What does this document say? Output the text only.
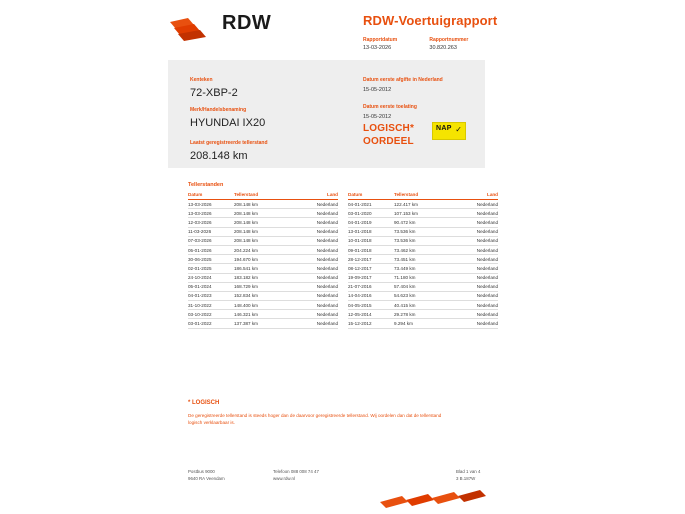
RDW	RDW-Voertuigrapport
Rapportdatum
13-03-2026

Rapportnummer
30.820.263
Kenteken
72-XBP-2
Merk/Handelsbenaming
HYUNDAI IX20
Laatst geregistreerde tellerstand
208.148 km
Datum eerste afgifte in Nederland
15-05-2012
Datum eerste toelating
15-05-2012
LOGISCH*
OORDEEL
NAP ✓
Tellerstanden
Datum	Tellerstand	Land
13-03-2026	208.148 km	Nederland
13-03-2026	208.148 km	Nederland
12-03-2026	208.148 km	Nederland
11-03-2026	208.148 km	Nederland
07-03-2026	208.148 km	Nederland
05-01-2026	204.224 km	Nederland
30-06-2025	194.670 km	Nederland
02-01-2025	186.541 km	Nederland
24-10-2024	183.182 km	Nederland
05-01-2024	168.729 km	Nederland
04-01-2023	152.834 km	Nederland
31-10-2022	148.400 km	Nederland
03-10-2022	146.321 km	Nederland
03-01-2022	137.387 km	Nederland
Datum	Tellerstand	Land
04-01-2021	122.417 km	Nederland
03-01-2020	107.153 km	Nederland
04-01-2019	90.472 km	Nederland
13-01-2018	73.536 km	Nederland
10-01-2018	73.536 km	Nederland
09-01-2018	73.462 km	Nederland
28-12-2017	73.451 km	Nederland
08-12-2017	73.449 km	Nederland
19-09-2017	71.180 km	Nederland
21-07-2016	57.404 km	Nederland
14-04-2016	54.623 km	Nederland
04-05-2015	40.415 km	Nederland
12-05-2014	29.278 km	Nederland
15-12-2012	9.294 km	Nederland
* LOGISCH
De geregistreerde tellerstand is steeds hoger dan de daarvoor geregistreerde tellerstand. Wij oordelen dan dat de tellerstand logisch verklaarbaar is.
Postbus 9000
9640 RA Veendam
Telefoon 088 008 74 47
www.rdw.nl
Blad 1 van 4
3 B.187W
